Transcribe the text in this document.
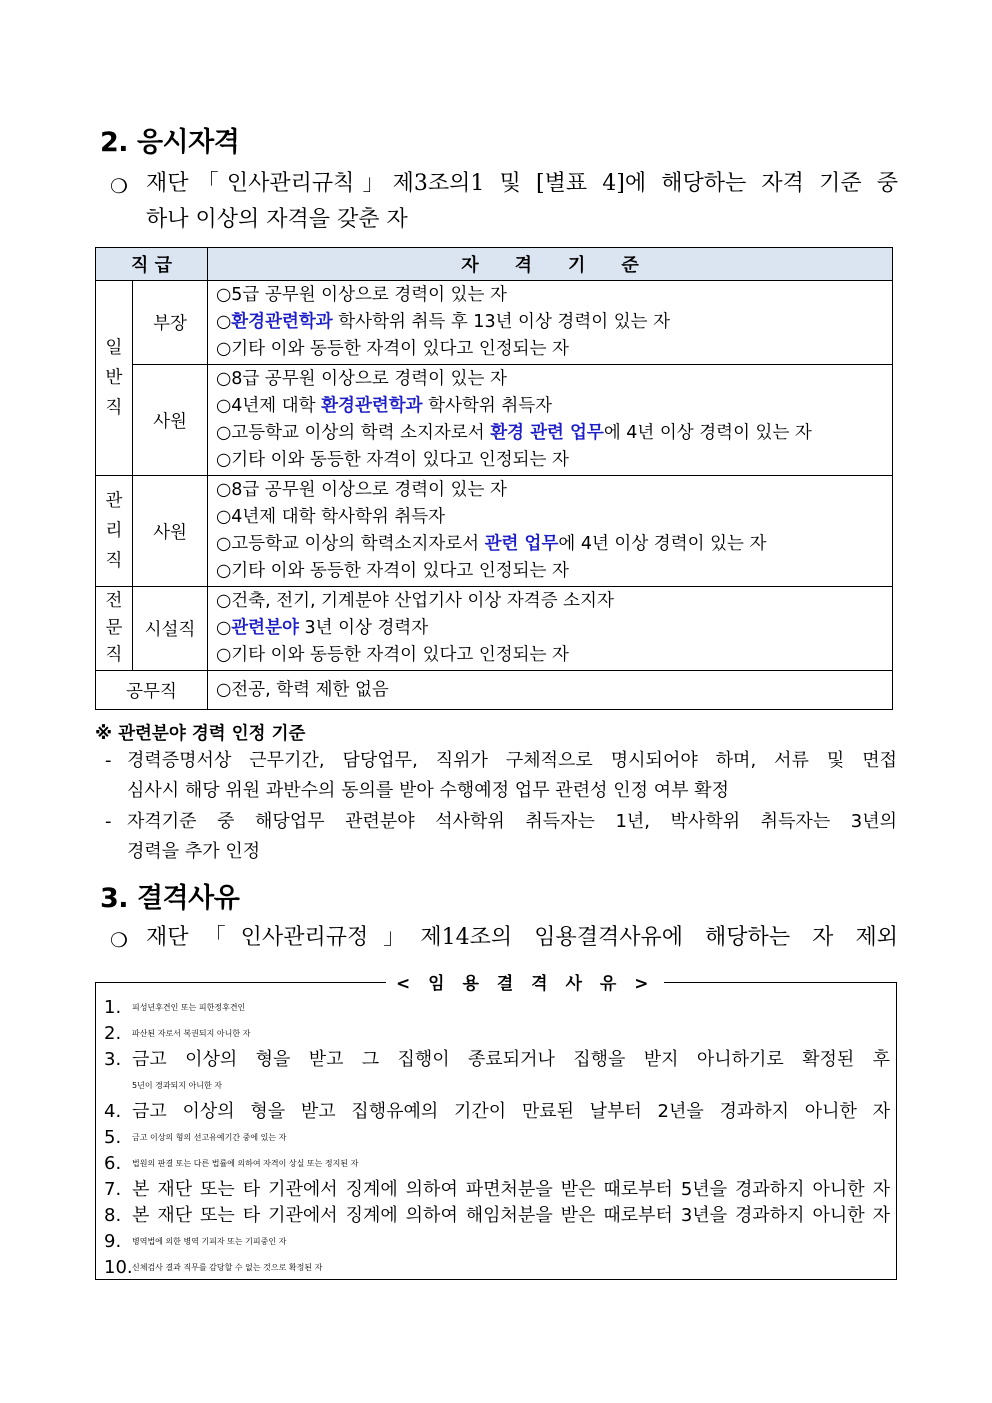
2. 응시자격
❍ 재단「인사관리규칙」제3조의1 및 [별표 4]에 해당하는 자격 기준 중
하나 이상의 자격을 갖춘 자
직 급		자　　격　　기　　준

일
반
직	부장	○5급 공무원 이상으로 경력이 있는 자
○환경관련학과 학사학위 취득 후 13년 이상 경력이 있는 자
○기타 이와 동등한 자격이 있다고 인정되는 자

	사원	○8급 공무원 이상으로 경력이 있는 자
○4년제 대학 환경관련학과 학사학위 취득자
○고등학교 이상의 학력 소지자로서 환경 관련 업무에 4년 이상 경력이 있는 자
○기타 이와 동등한 자격이 있다고 인정되는 자

관
리
직	사원	○8급 공무원 이상으로 경력이 있는 자
○4년제 대학 학사학위 취득자
○고등학교 이상의 학력소지자로서 관련 업무에 4년 이상 경력이 있는 자
○기타 이와 동등한 자격이 있다고 인정되는 자

전
문
직	시설직	○건축, 전기, 기계분야 산업기사 이상 자격증 소지자
○관련분야 3년 이상 경력자
○기타 이와 동등한 자격이 있다고 인정되는 자

공무직		○전공, 학력 제한 없음
※ 관련분야 경력 인정 기준
- 경력증명서상 근무기간, 담당업무, 직위가 구체적으로 명시되어야 하며, 서류 및 면접
심사시 해당 위원 과반수의 동의를 받아 수행예정 업무 관련성 인정 여부 확정
- 자격기준 중 해당업무 관련분야 석사학위 취득자는 1년, 박사학위 취득자는 3년의
경력을 추가 인정
3. 결격사유
❍ 재단「인사관리규정」제14조의 임용결격사유에 해당하는 자 제외
< 임 용 결 격 사 유 >
1. 피성년후견인 또는 피한정후견인
2. 파산된 자로서 복권되지 아니한 자
3. 금고 이상의 형을 받고 그 집행이 종료되거나 집행을 받지 아니하기로 확정된 후
5년이 경과되지 아니한 자
4. 금고 이상의 형을 받고 집행유예의 기간이 만료된 날부터 2년을 경과하지 아니한 자
5. 금고 이상의 형의 선고유예기간 중에 있는 자
6. 법원의 판결 또는 다른 법률에 의하여 자격이 상실 또는 정지된 자
7. 본 재단 또는 타 기관에서 징계에 의하여 파면처분을 받은 때로부터 5년을 경과하지 아니한 자
8. 본 재단 또는 타 기관에서 징계에 의하여 해임처분을 받은 때로부터 3년을 경과하지 아니한 자
9. 병역법에 의한 병역 기피자 또는 기피중인 자
10. 신체검사 결과 직무를 감당할 수 없는 것으로 확정된 자
